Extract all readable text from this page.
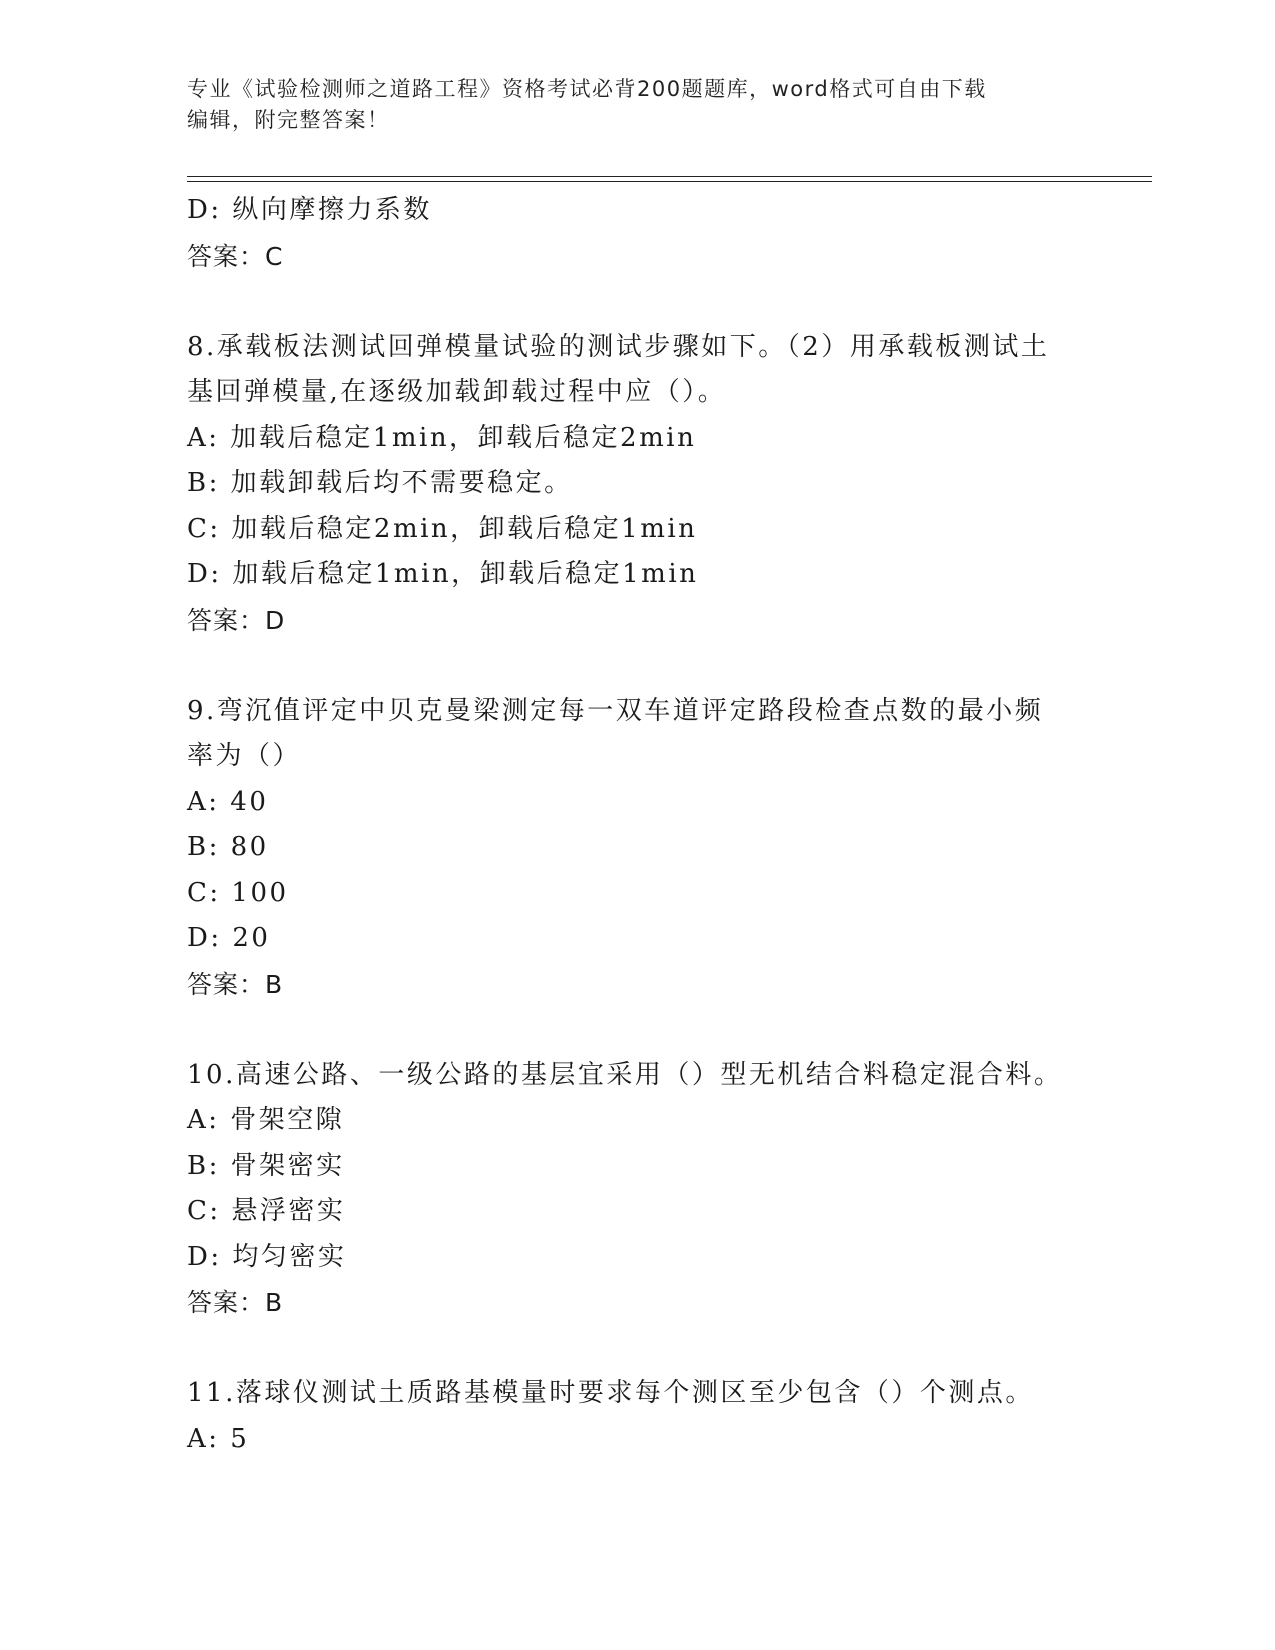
专业《试验检测师之道路工程》资格考试必背200题题库，word格式可自由下载
编辑，附完整答案！
D: 纵向摩擦力系数
答案：C
8.承载板法测试回弹模量试验的测试步骤如下。（2）用承载板测试土
基回弹模量,在逐级加载卸载过程中应（）。
A: 加载后稳定1min，卸载后稳定2min
B: 加载卸载后均不需要稳定。
C: 加载后稳定2min，卸载后稳定1min
D: 加载后稳定1min，卸载后稳定1min
答案：D
9.弯沉值评定中贝克曼梁测定每一双车道评定路段检查点数的最小频
率为（）
A: 40
B: 80
C: 100
D: 20
答案：B
10.高速公路、一级公路的基层宜采用（）型无机结合料稳定混合料。
A: 骨架空隙
B: 骨架密实
C: 悬浮密实
D: 均匀密实
答案：B
11.落球仪测试土质路基模量时要求每个测区至少包含（）个测点。
A: 5
